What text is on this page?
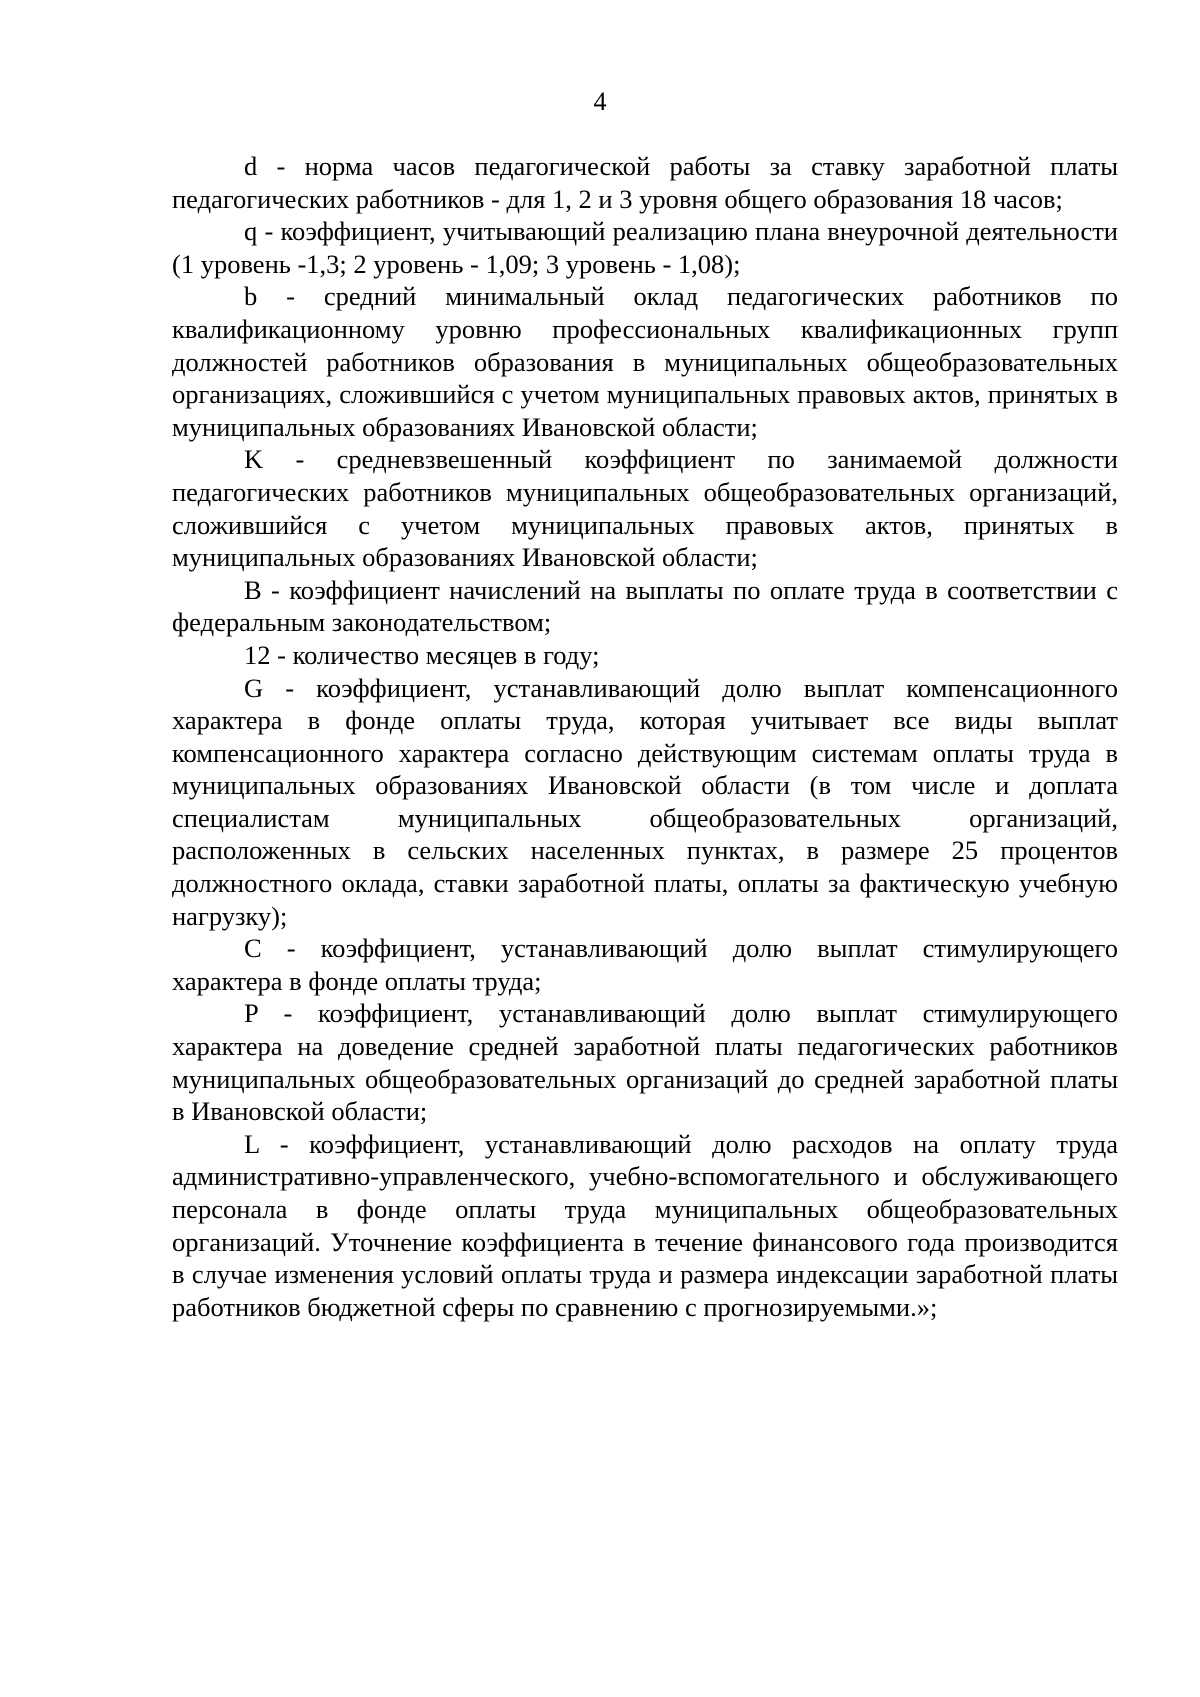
4

d - норма часов педагогической работы за ставку заработной платы педагогических работников - для 1, 2 и 3 уровня общего образования 18 часов;

q - коэффициент, учитывающий реализацию плана внеурочной деятельности (1 уровень -1,3; 2 уровень - 1,09; 3 уровень - 1,08);

b - средний минимальный оклад педагогических работников по квалификационному уровню профессиональных квалификационных групп должностей работников образования в муниципальных общеобразовательных организациях, сложившийся с учетом муниципальных правовых актов, принятых в муниципальных образованиях Ивановской области;

K - средневзвешенный коэффициент по занимаемой должности педагогических работников муниципальных общеобразовательных организаций, сложившийся с учетом муниципальных правовых актов, принятых в муниципальных образованиях Ивановской области;

B - коэффициент начислений на выплаты по оплате труда в соответствии с федеральным законодательством;

12 - количество месяцев в году;

G - коэффициент, устанавливающий долю выплат компенсационного характера в фонде оплаты труда, которая учитывает все виды выплат компенсационного характера согласно действующим системам оплаты труда в муниципальных образованиях Ивановской области (в том числе и доплата специалистам муниципальных общеобразовательных организаций, расположенных в сельских населенных пунктах, в размере 25 процентов должностного оклада, ставки заработной платы, оплаты за фактическую учебную нагрузку);

C - коэффициент, устанавливающий долю выплат стимулирующего характера в фонде оплаты труда;

P - коэффициент, устанавливающий долю выплат стимулирующего характера на доведение средней заработной платы педагогических работников муниципальных общеобразовательных организаций до средней заработной платы в Ивановской области;

L - коэффициент, устанавливающий долю расходов на оплату труда административно-управленческого, учебно-вспомогательного и обслуживающего персонала в фонде оплаты труда муниципальных общеобразовательных организаций. Уточнение коэффициента в течение финансового года производится в случае изменения условий оплаты труда и размера индексации заработной платы работников бюджетной сферы по сравнению с прогнозируемыми.»;
